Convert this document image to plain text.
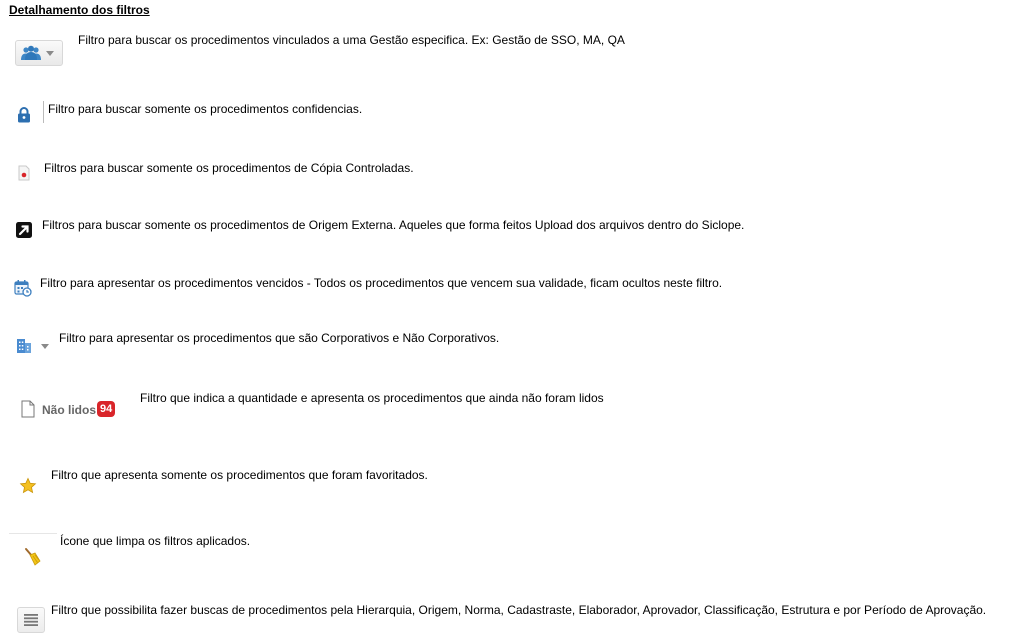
Detalhamento dos filtros
Filtro para buscar os procedimentos vinculados a uma Gestão especifica. Ex: Gestão de SSO, MA, QA
Filtro para buscar somente os procedimentos confidencias.
Filtros para buscar somente os procedimentos de Cópia Controladas.
Filtros para buscar somente os procedimentos de Origem Externa. Aqueles que forma feitos Upload dos arquivos dentro do Siclope.
Filtro para apresentar os procedimentos vencidos - Todos os procedimentos que vencem sua validade, ficam ocultos neste filtro.
Filtro para apresentar os procedimentos que são Corporativos e Não Corporativos.
Não lidos 94
Filtro que indica a quantidade e apresenta os procedimentos que ainda não foram lidos
Filtro que apresenta somente os procedimentos que foram favoritados.
Ícone que limpa os filtros aplicados.
Filtro que possibilita fazer buscas de procedimentos pela Hierarquia, Origem, Norma, Cadastraste, Elaborador, Aprovador, Classificação, Estrutura e por Período de Aprovação.
